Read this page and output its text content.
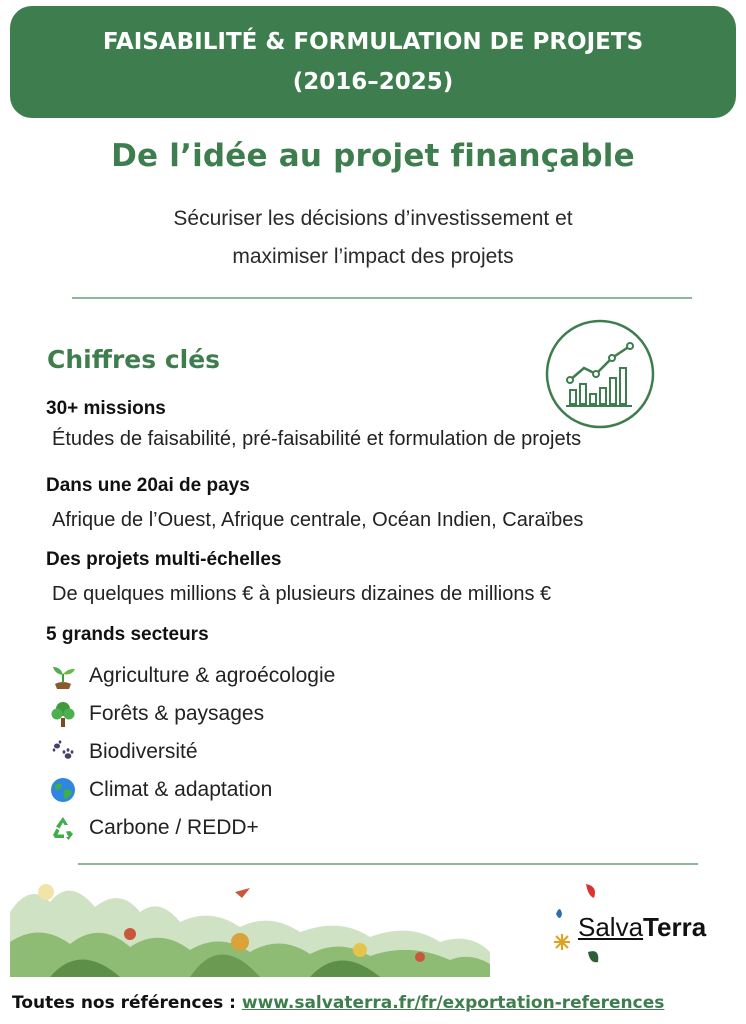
FAISABILITÉ & FORMULATION DE PROJETS
(2016–2025)
De l’idée au projet finançable
Sécuriser les décisions d’investissement et
maximiser l’impact des projets
Chiffres clés
30+ missions
Études de faisabilité, pré-faisabilité et formulation de projets
Dans une 20ai de pays
Afrique de l’Ouest, Afrique centrale, Océan Indien, Caraïbes
Des projets multi-échelles
De quelques millions € à plusieurs dizaines de millions €
5 grands secteurs
Agriculture & agroécologie
Forêts & paysages
Biodiversité
Climat & adaptation
Carbone / REDD+
SalvaTerra
Toutes nos références : www.salvaterra.fr/fr/exportation-references
